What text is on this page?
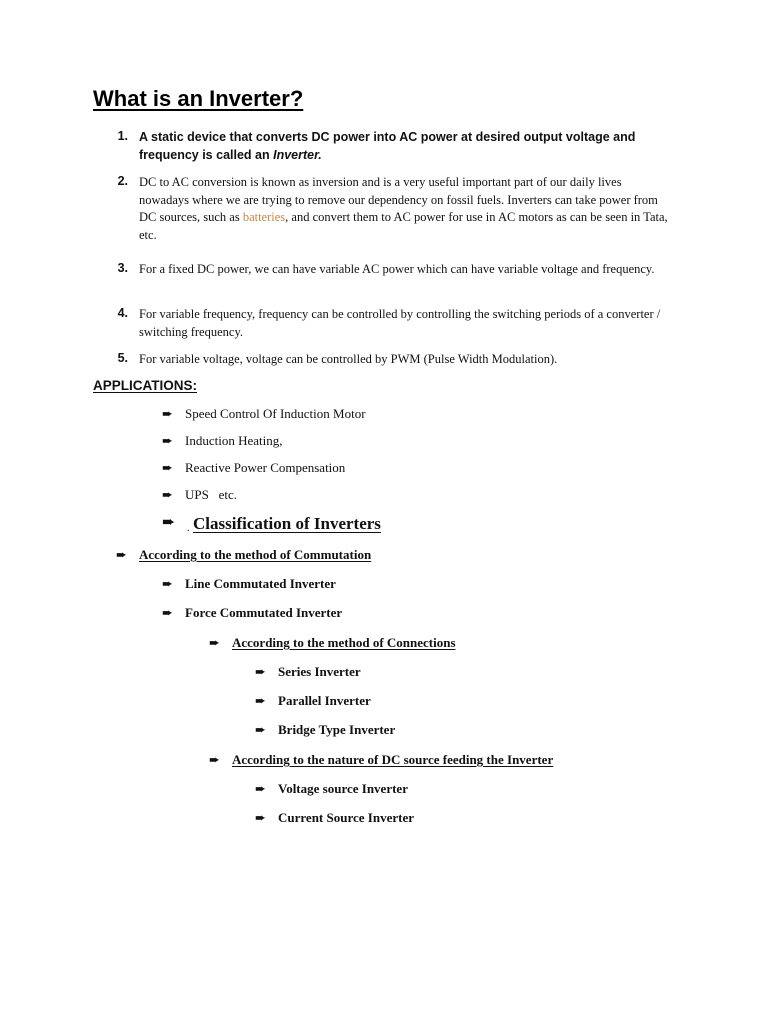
What is an Inverter?
1. A static device that converts DC power into AC power at desired output voltage and frequency is called an Inverter.
2. DC to AC conversion is known as inversion and is a very useful important part of our daily lives nowadays where we are trying to remove our dependency on fossil fuels. Inverters can take power from DC sources, such as batteries, and convert them to AC power for use in AC motors as can be seen in Tata, etc.
3. For a fixed DC power, we can have variable AC power which can have variable voltage and frequency.
4. For variable frequency, frequency can be controlled by controlling the switching periods of a converter / switching frequency.
5. For variable voltage, voltage can be controlled by PWM (Pulse Width Modulation).
APPLICATIONS:
➨ Speed Control Of Induction Motor
➨ Induction Heating,
➨ Reactive Power Compensation
➨ UPS   etc.
➨ . Classification of Inverters
➨ According to the method of Commutation
➨ Line Commutated Inverter
➨ Force Commutated Inverter
➨ According to the method of Connections
➨ Series Inverter
➨ Parallel Inverter
➨ Bridge Type Inverter
➨ According to the nature of DC source feeding the Inverter
➨ Voltage source Inverter
➨ Current Source Inverter
